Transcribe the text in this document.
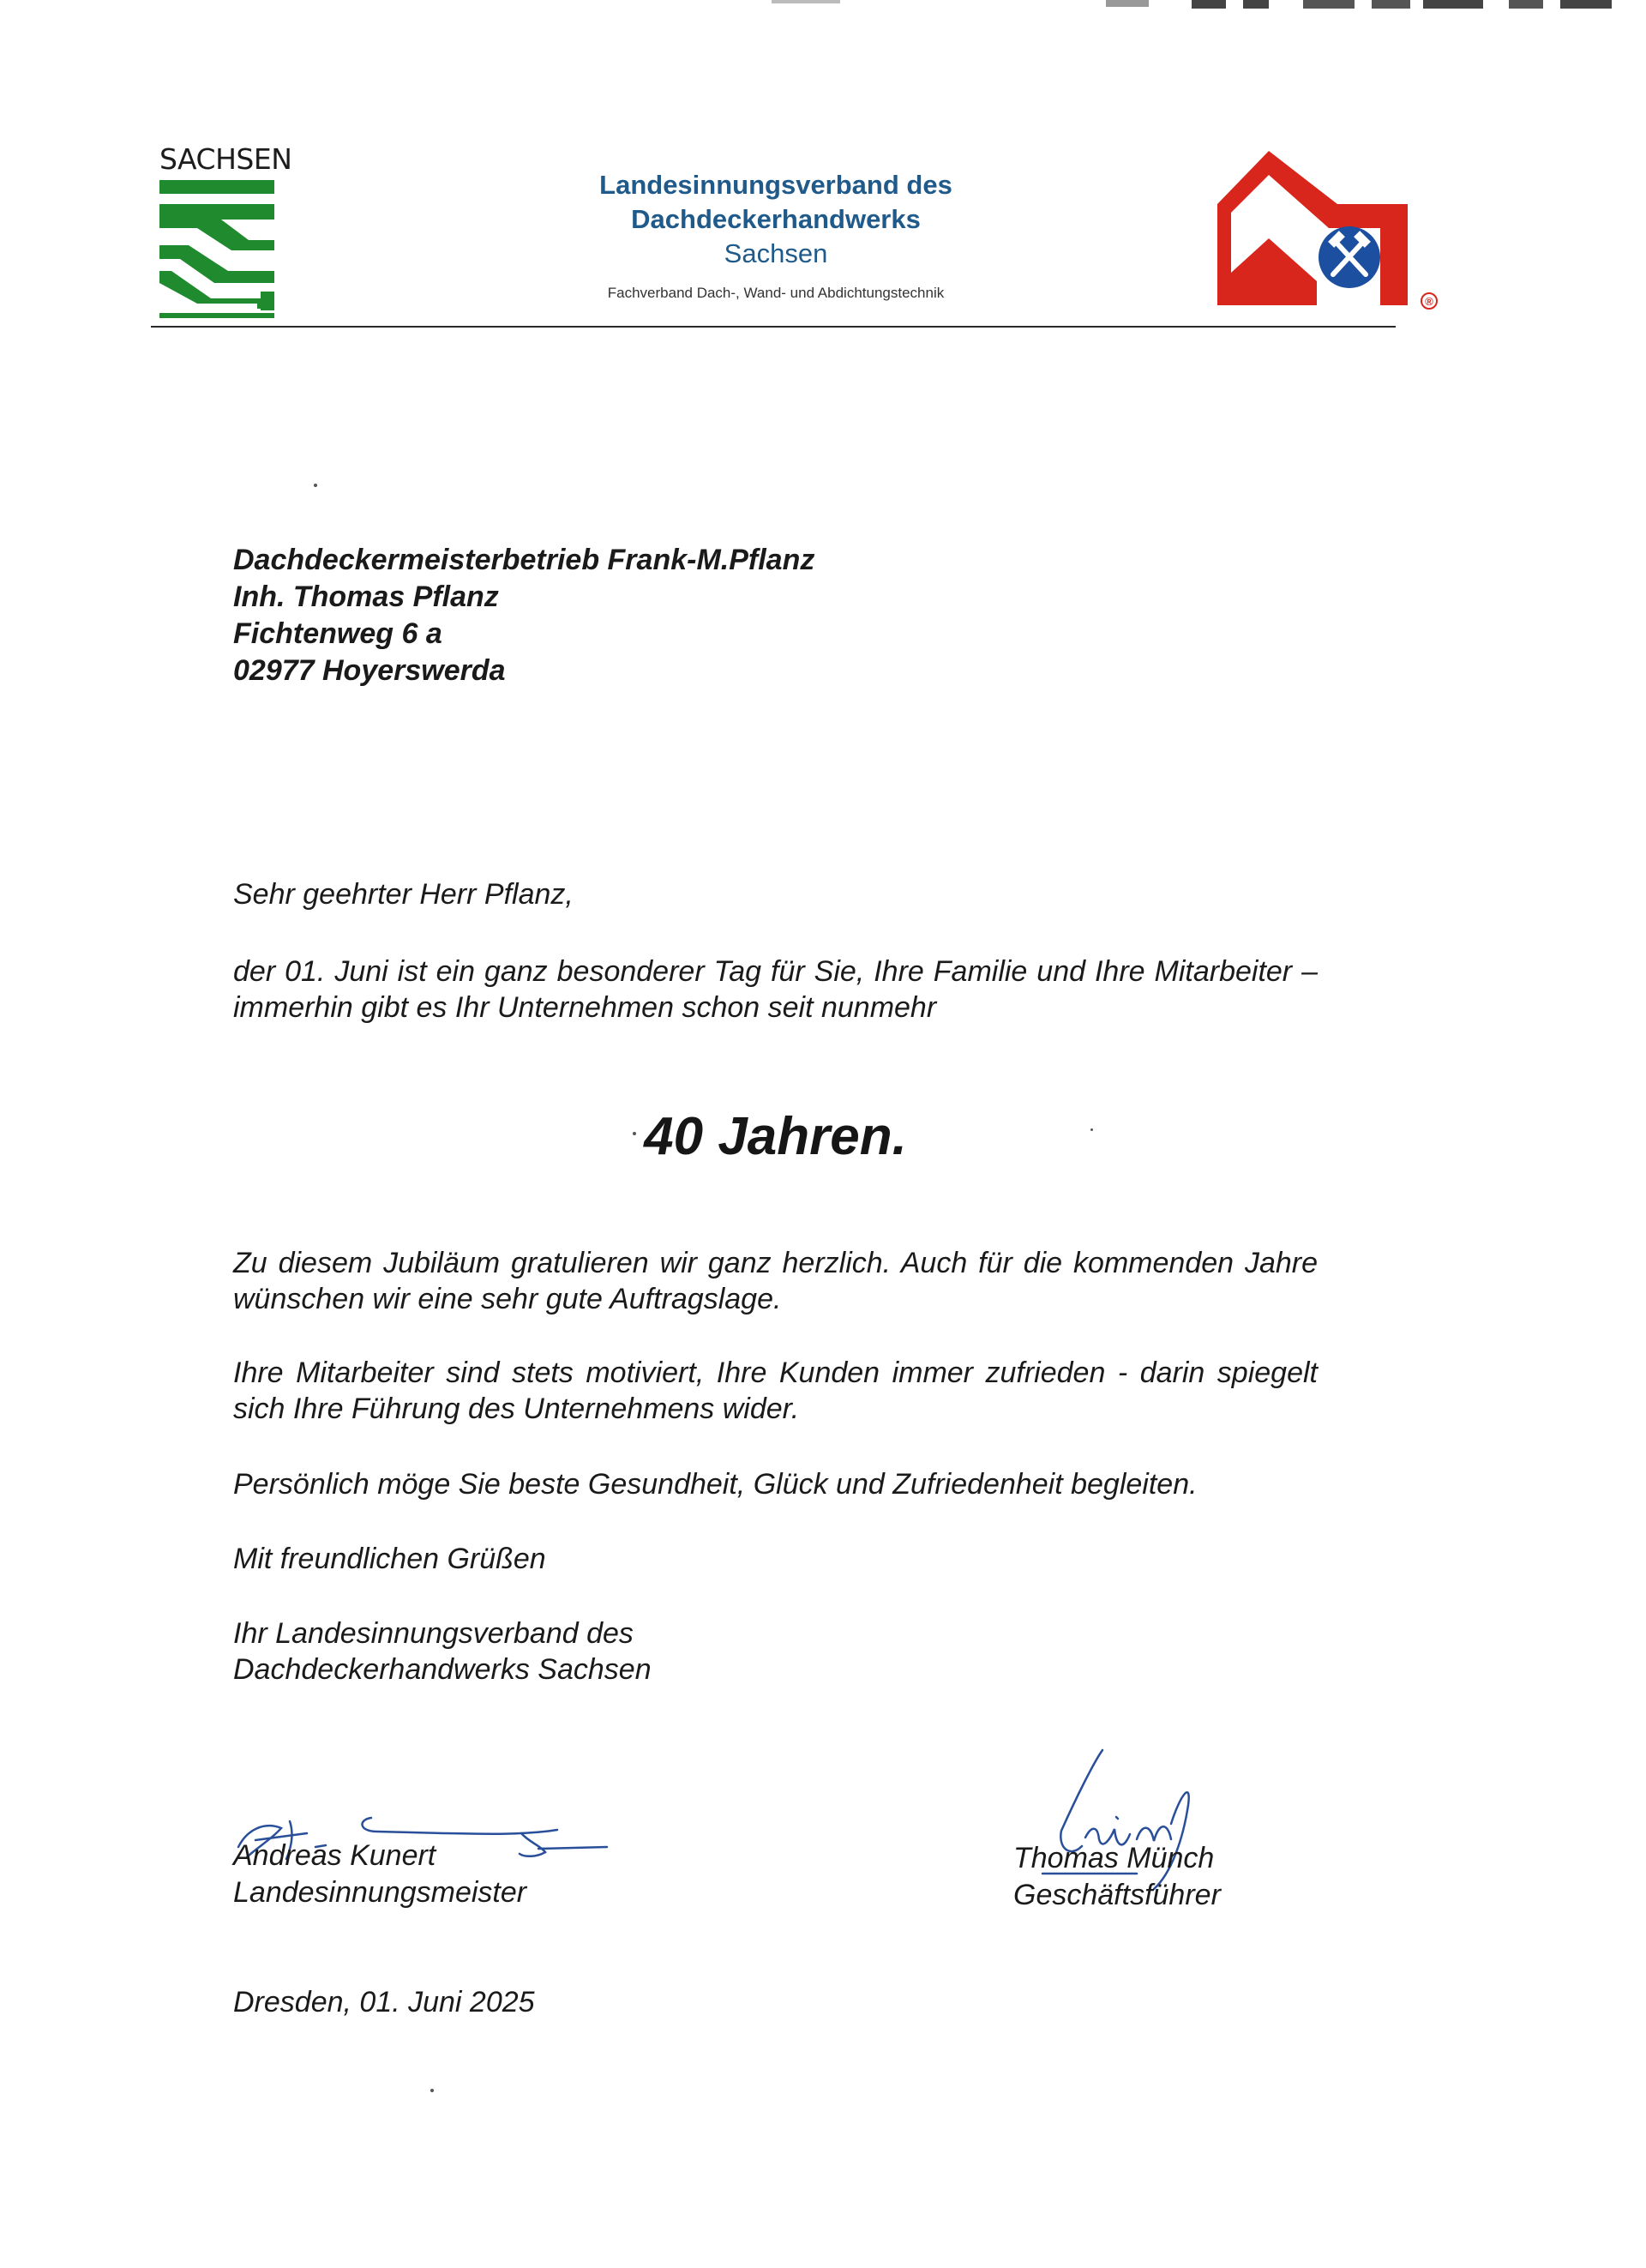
SACHSEN
Landesinnungsverband des
Dachdeckerhandwerks
Sachsen
Fachverband Dach-, Wand- und Abdichtungstechnik
®
Dachdeckermeisterbetrieb Frank-M.Pflanz
Inh. Thomas Pflanz
Fichtenweg 6 a
02977 Hoyerswerda
Sehr geehrter Herr Pflanz,
der 01. Juni ist ein ganz besonderer Tag für Sie, Ihre Familie und Ihre Mitarbeiter – immerhin gibt es Ihr Unternehmen schon seit nunmehr
40 Jahren.
Zu diesem Jubiläum gratulieren wir ganz herzlich. Auch für die kommenden Jahre wünschen wir eine sehr gute Auftragslage.
Ihre Mitarbeiter sind stets motiviert, Ihre Kunden immer zufrieden - darin spiegelt sich Ihre Führung des Unternehmens wider.
Persönlich möge Sie beste Gesundheit, Glück und Zufriedenheit begleiten.
Mit freundlichen Grüßen
Ihr Landesinnungsverband des
Dachdeckerhandwerks Sachsen
Andreas Kunert
Landesinnungsmeister
Thomas Münch
Geschäftsführer
Dresden, 01. Juni 2025
